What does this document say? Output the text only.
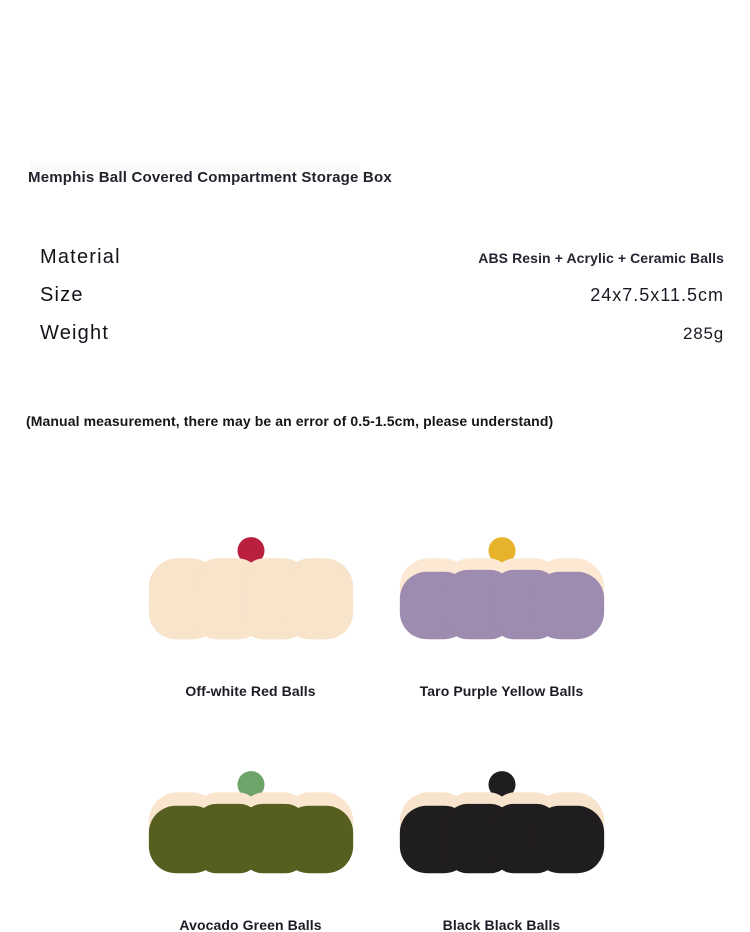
Memphis Ball Covered Compartment Storage Box
Material	ABS Resin + Acrylic + Ceramic Balls
Size	24x7.5x11.5cm
Weight	285g
(Manual measurement, there may be an error of 0.5-1.5cm, please understand)
Off-white Red Balls	Taro Purple Yellow Balls
Avocado Green Balls	Black Black Balls
